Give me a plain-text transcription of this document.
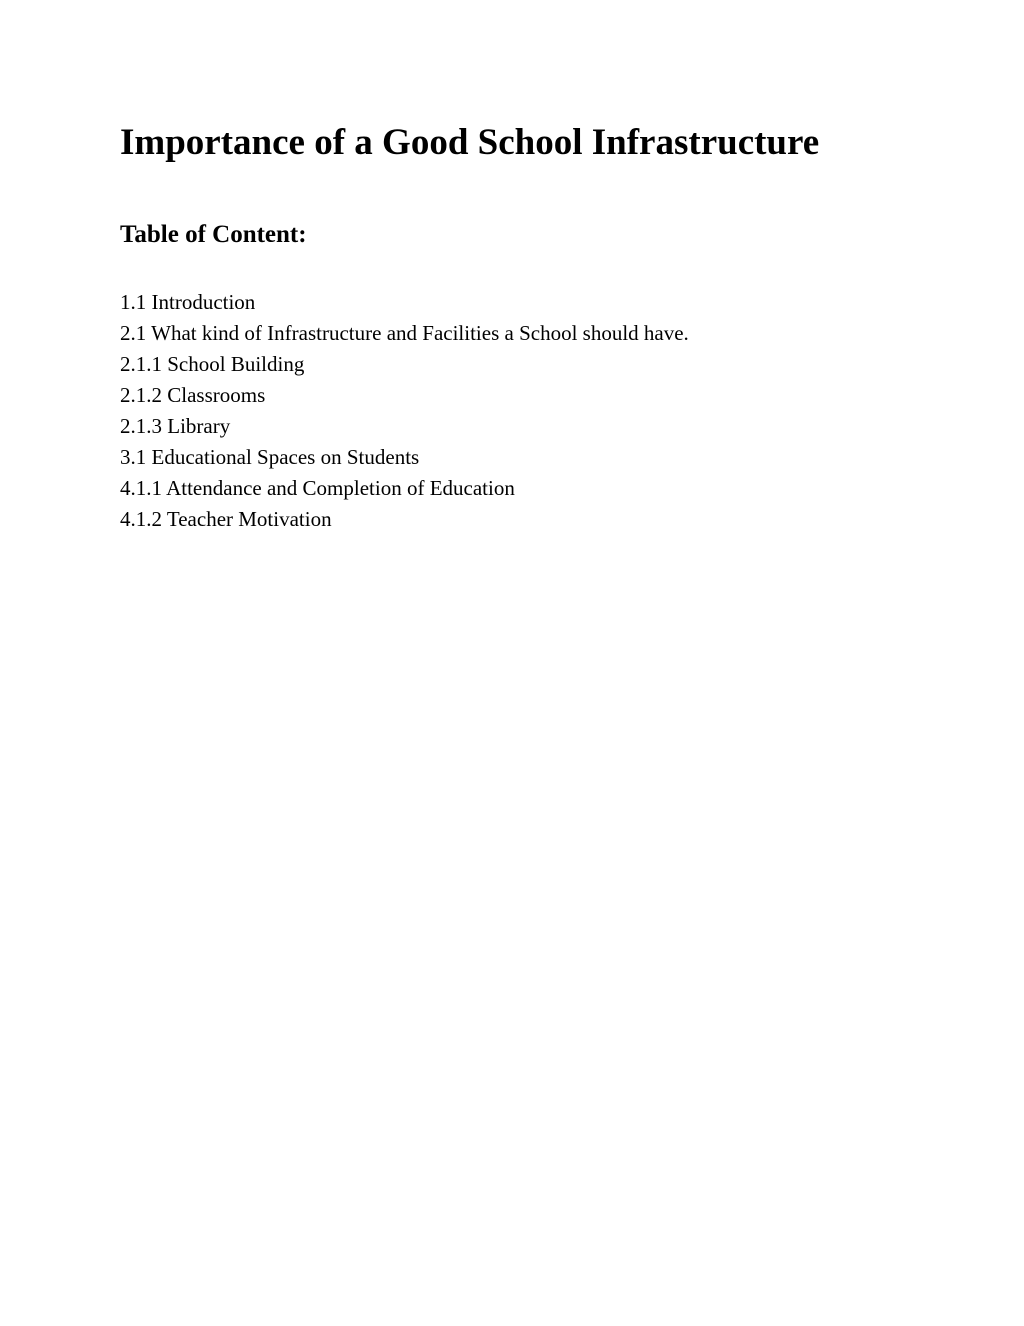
Importance of a Good School Infrastructure
Table of Content:
1.1 Introduction
2.1 What kind of Infrastructure and Facilities a School should have.
2.1.1 School Building
2.1.2 Classrooms
2.1.3 Library
3.1 Educational Spaces on Students
4.1.1 Attendance and Completion of Education
4.1.2 Teacher Motivation
